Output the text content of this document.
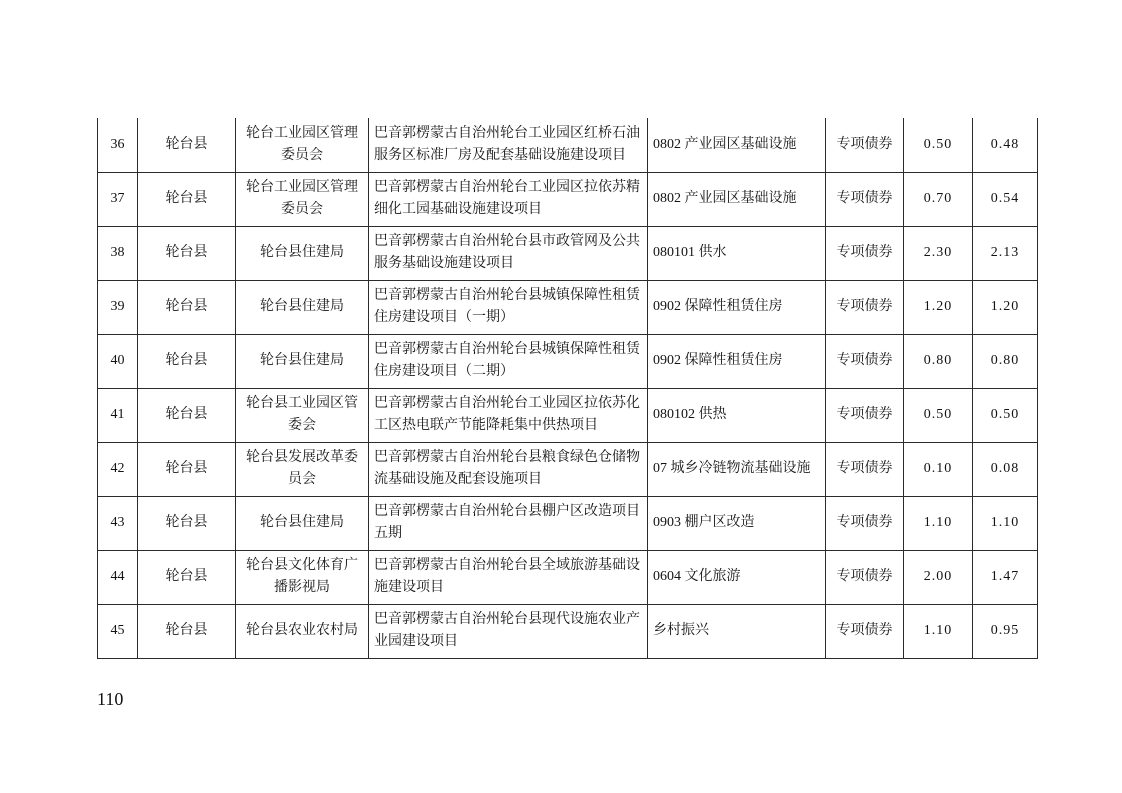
36	轮台县	轮台工业园区管理委员会	巴音郭楞蒙古自治州轮台工业园区红桥石油服务区标准厂房及配套基础设施建设项目	0802 产业园区基础设施	专项债券	0.50	0.48
37	轮台县	轮台工业园区管理委员会	巴音郭楞蒙古自治州轮台工业园区拉依苏精细化工园基础设施建设项目	0802 产业园区基础设施	专项债券	0.70	0.54
38	轮台县	轮台县住建局	巴音郭楞蒙古自治州轮台县市政管网及公共服务基础设施建设项目	080101 供水	专项债券	2.30	2.13
39	轮台县	轮台县住建局	巴音郭楞蒙古自治州轮台县城镇保障性租赁住房建设项目（一期）	0902 保障性租赁住房	专项债券	1.20	1.20
40	轮台县	轮台县住建局	巴音郭楞蒙古自治州轮台县城镇保障性租赁住房建设项目（二期）	0902 保障性租赁住房	专项债券	0.80	0.80
41	轮台县	轮台县工业园区管委会	巴音郭楞蒙古自治州轮台工业园区拉依苏化工区热电联产节能降耗集中供热项目	080102 供热	专项债券	0.50	0.50
42	轮台县	轮台县发展改革委员会	巴音郭楞蒙古自治州轮台县粮食绿色仓储物流基础设施及配套设施项目	07 城乡冷链物流基础设施	专项债券	0.10	0.08
43	轮台县	轮台县住建局	巴音郭楞蒙古自治州轮台县棚户区改造项目五期	0903 棚户区改造	专项债券	1.10	1.10
44	轮台县	轮台县文化体育广播影视局	巴音郭楞蒙古自治州轮台县全域旅游基础设施建设项目	0604 文化旅游	专项债券	2.00	1.47
45	轮台县	轮台县农业农村局	巴音郭楞蒙古自治州轮台县现代设施农业产业园建设项目	乡村振兴	专项债券	1.10	0.95
110
